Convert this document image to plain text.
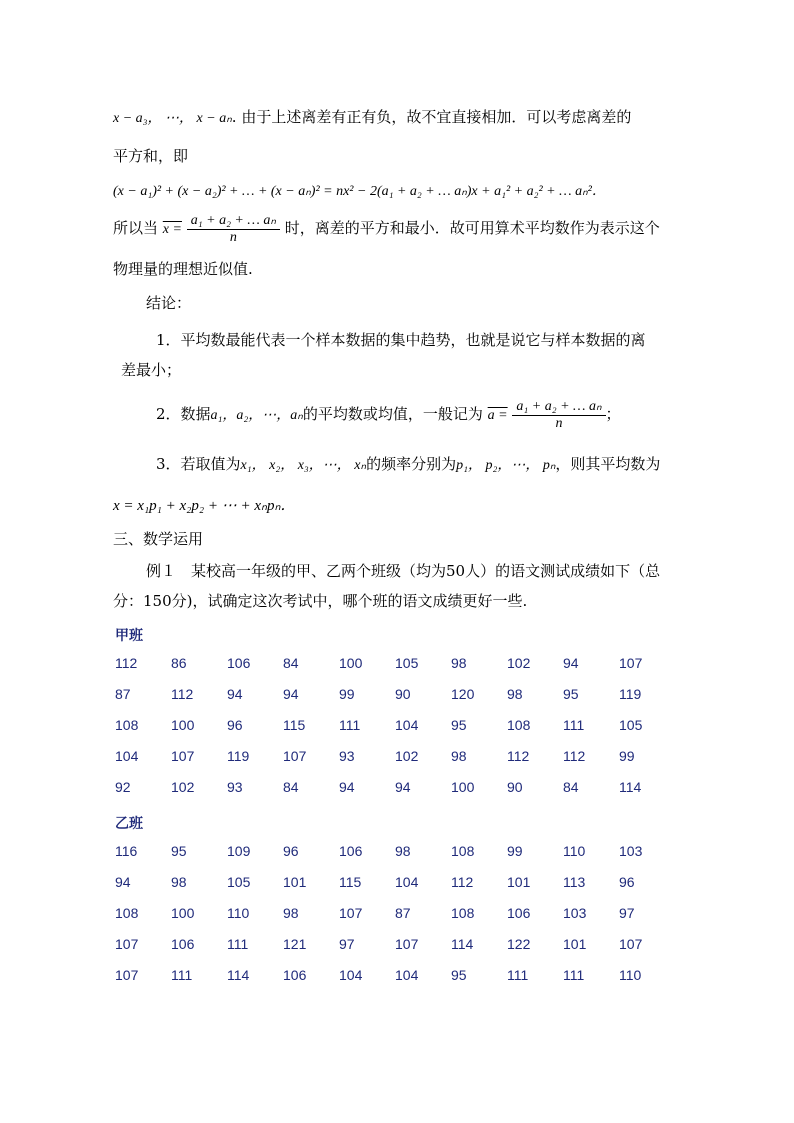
x − a₃， ⋯， x − aₙ. 由于上述离差有正有负，故不宜直接相加．可以考虑离差的
平方和，即
(x − a₁)² + (x − a₂)² + … + (x − aₙ)² = nx² − 2(a₁ + a₂ + … aₙ)x + a₁² + a₂² + … aₙ²．
所以当 $x = \frac{\text{a₁ + a₂ + … aₙ}}{n}$ 时，离差的平方和最小．故可用算术平均数作为表示这个
物理量的理想近似值.
结论：
1．平均数最能代表一个样本数据的集中趋势，也就是说它与样本数据的离
差最小；
2．数据a₁，a₂，⋯，aₙ的平均数或均值，一般记为 $a = \frac{\text{a₁ + a₂ + … aₙ}}{n}$ ；
3．若取值为x₁， x₂， x₃，⋯， xₙ的频率分别为p₁， p₂，⋯， pₙ，则其平均数为
x = x₁p₁ + x₂p₂ + ⋯ + xₙpₙ．
三、数学运用
例１　某校高一年级的甲、乙两个班级（均为50人）的语文测试成绩如下（总
分：150分)，试确定这次考试中，哪个班的语文成绩更好一些.
甲班
112 86	106 84	100 105 98	102 94	107
87	112 94	94	99	90	120 98	95	119
108 100 96	115 111 104 95	108 111 105
104 107 119 107 93	102 98	112 112 99
92	102 93	84	94	94	100 90	84	114
乙班
116 95	109 96	106 98	108 99	110 103
94	98	105 101 115 104 112 101 113 96
108 100 110 98	107 87	108 106 103 97
107 106 111 121 97	107 114 122 101 107
107 111 114 106 104 104 95	111 111 110
